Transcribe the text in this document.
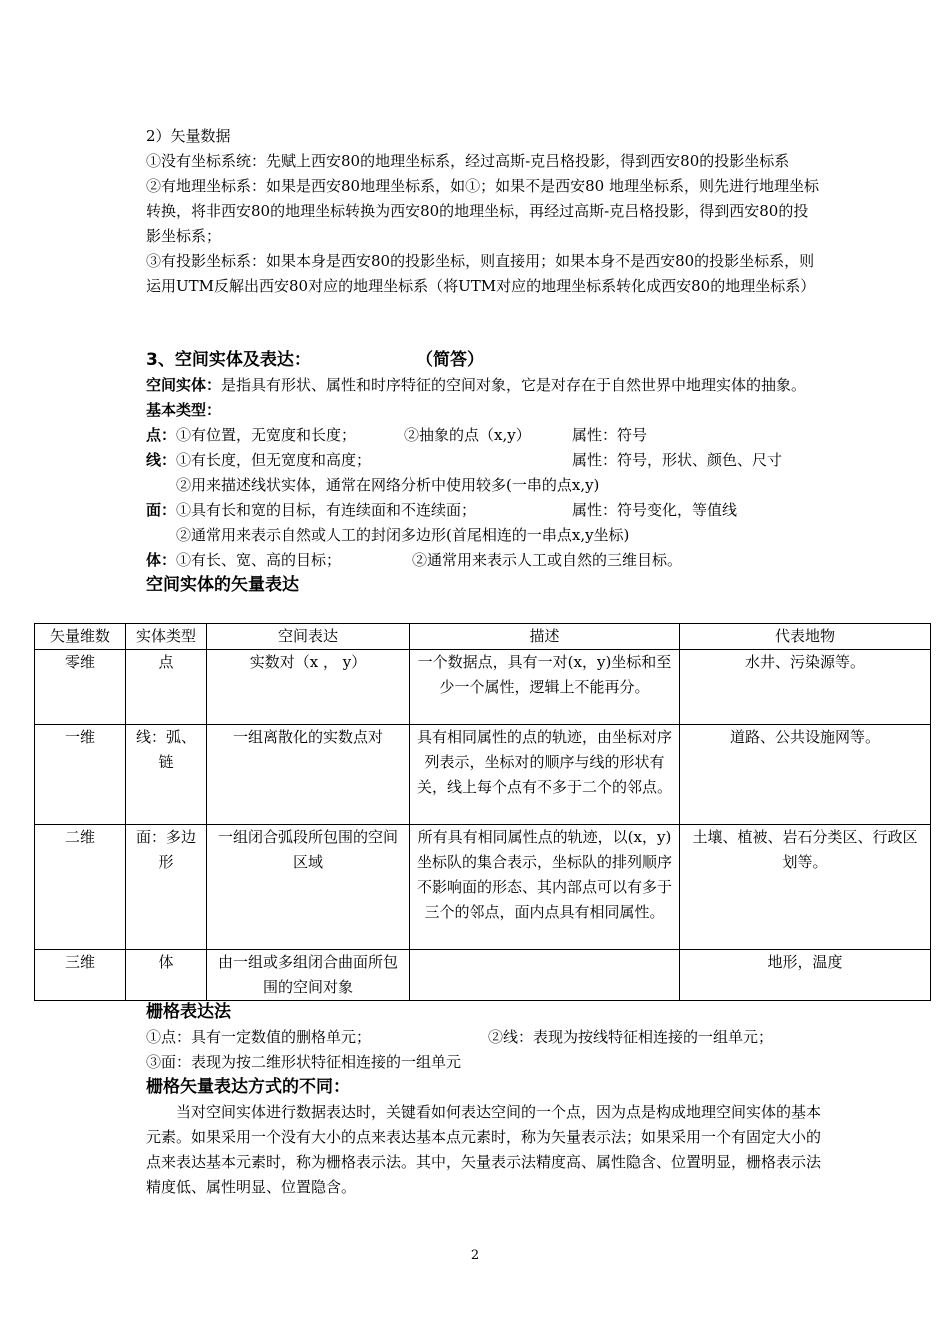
2）矢量数据

①没有坐标系统：先赋上西安80的地理坐标系，经过高斯-克吕格投影，得到西安80的投影坐标系

②有地理坐标系：如果是西安80地理坐标系，如①；如果不是西安80 地理坐标系，则先进行地理坐标转换，将非西安80的地理坐标转换为西安80的地理坐标，再经过高斯-克吕格投影，得到西安80的投影坐标系；

③有投影坐标系：如果本身是西安80的投影坐标，则直接用；如果本身不是西安80的投影坐标系，则运用UTM反解出西安80对应的地理坐标系（将UTM对应的地理坐标系转化成西安80的地理坐标系）

3、空间实体及表达：	（简答）

空间实体：是指具有形状、属性和时序特征的空间对象，它是对存在于自然世界中地理实体的抽象。

基本类型：

点： ①有位置，无宽度和长度；	②抽象的点（x,y）	属性：符号
线： ①有长度，但无宽度和高度；	属性：符号，形状、颜色、尺寸
②用来描述线状实体，通常在网络分析中使用较多(一串的点x,y)
面： ①具有长和宽的目标，有连续面和不连续面；	属性：符号变化，等值线
②通常用来表示自然或人工的封闭多边形(首尾相连的一串点x,y坐标)
体： ①有长、宽、高的目标；	②通常用来表示人工或自然的三维目标。
空间实体的矢量表达
矢量维数	实体类型	空间表达	描述	代表地物
零维	点	实数对（x ， y）	一个数据点，具有一对(x，y)坐标和至少一个属性，逻辑上不能再分。	水井、污染源等。
一维	线：弧、链	一组离散化的实数点对	具有相同属性的点的轨迹，由坐标对序列表示，坐标对的顺序与线的形状有关，线上每个点有不多于二个的邻点。	道路、公共设施网等。
二维	面：多边形	一组闭合弧段所包围的空间区域	所有具有相同属性点的轨迹，以(x，y)坐标队的集合表示，坐标队的排列顺序不影响面的形态、其内部点可以有多于三个的邻点，面内点具有相同属性。	土壤、植被、岩石分类区、行政区划等。
三维	体	由一组或多组闭合曲面所包围的空间对象		地形，温度
栅格表达法
①点：具有一定数值的删格单元；	②线：表现为按线特征相连接的一组单元；
③面：表现为按二维形状特征相连接的一组单元
栅格矢量表达方式的不同：

当对空间实体进行数据表达时，关键看如何表达空间的一个点，因为点是构成地理空间实体的基本元素。如果采用一个没有大小的点来表达基本点元素时，称为矢量表示法；如果采用一个有固定大小的点来表达基本元素时，称为栅格表示法。其中，矢量表示法精度高、属性隐含、位置明显，栅格表示法精度低、属性明显、位置隐含。

2
